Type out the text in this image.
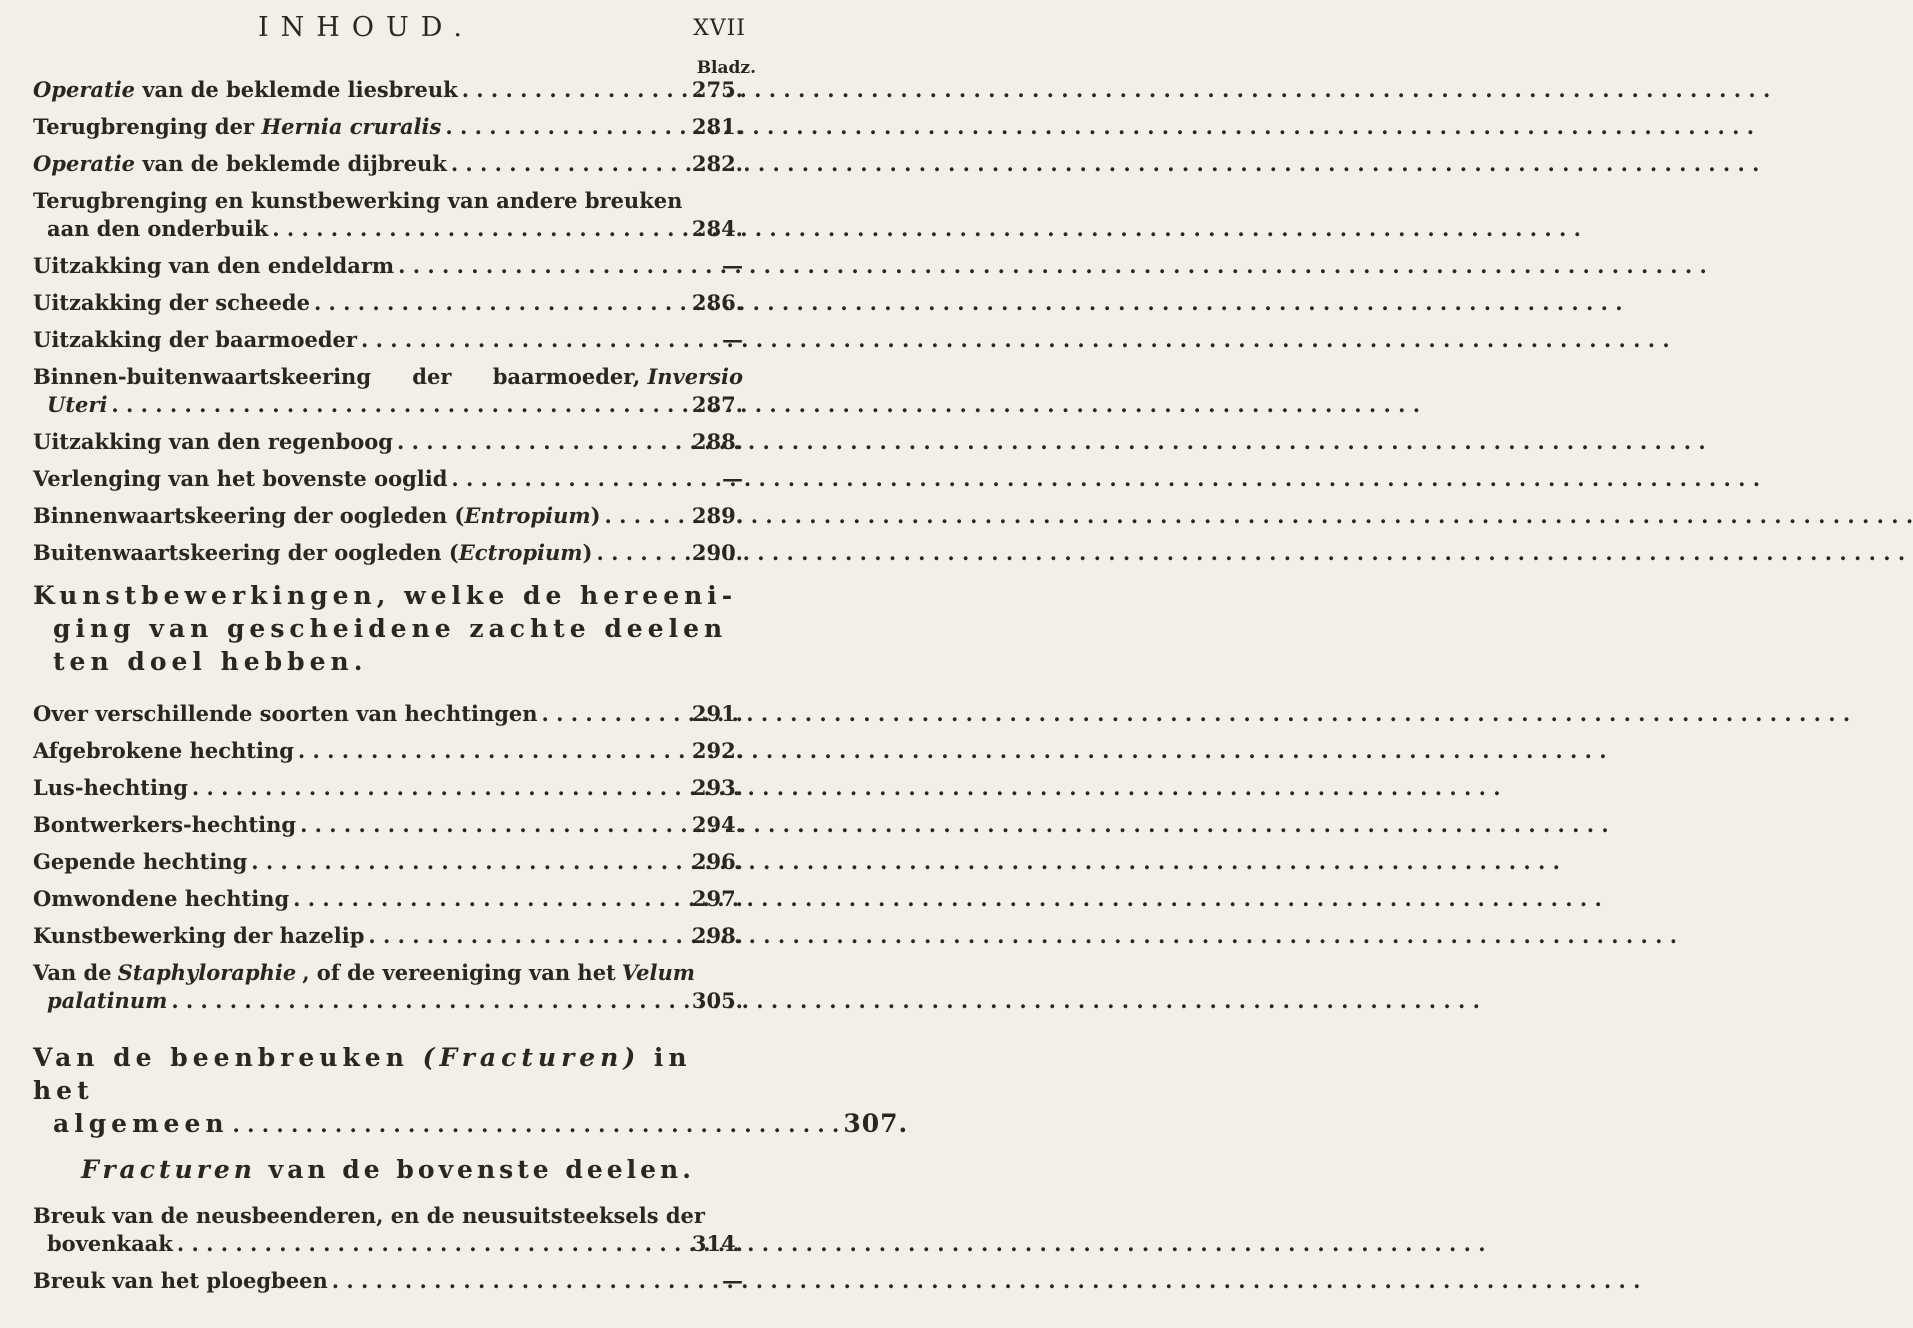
INHOUD.	XVII
Bladz.
Operatie van de beklemde liesbreuk . . .	275.
Terugbrenging der Hernia cruralis . . .	281.
Operatie van de beklemde dijbreuk . . .	282.
Terugbrenging en kunstbewerking van andere breuken
aan den onderbuik . . .	284.
Uitzakking van den endeldarm . . .	—
Uitzakking der scheede . . .	286.
Uitzakking der baarmoeder . . .	—
Binnen-buitenwaartskeering der baarmoeder, Inversio
Uteri . . .	287.
Uitzakking van den regenboog . . .	288.
Verlenging van het bovenste ooglid . . .	—
Binnenwaartskeering der oogleden (Entropium) . . .	289.
Buitenwaartskeering der oogleden (Ectropium) . . .	290.
Kunstbewerkingen, welke de hereeni-
ging van gescheidene zachte deelen
ten doel hebben.
Over verschillende soorten van hechtingen . . .	291.
Afgebrokene hechting . . .	292.
Lus-hechting . . .	293.
Bontwerkers-hechting . . .	294.
Gepende hechting . . .	296.
Omwondene hechting . . .	297.
Kunstbewerking der hazelip . . .	298.
Van de Staphyloraphie , of de vereeniging van het Velum
palatinum . . .	305.
Van de beenbreuken (Fracturen) in het
algemeen . . . . . . . . . . . . . . . . . . . . . . . . . . . . . . . . . . . . . . . . . . 307.
Fracturen van de bovenste deelen.
Breuk van de neusbeenderen, en de neusuitsteeksels der
bovenkaak . . .	314.
Breuk van het ploegbeen . . .	—
